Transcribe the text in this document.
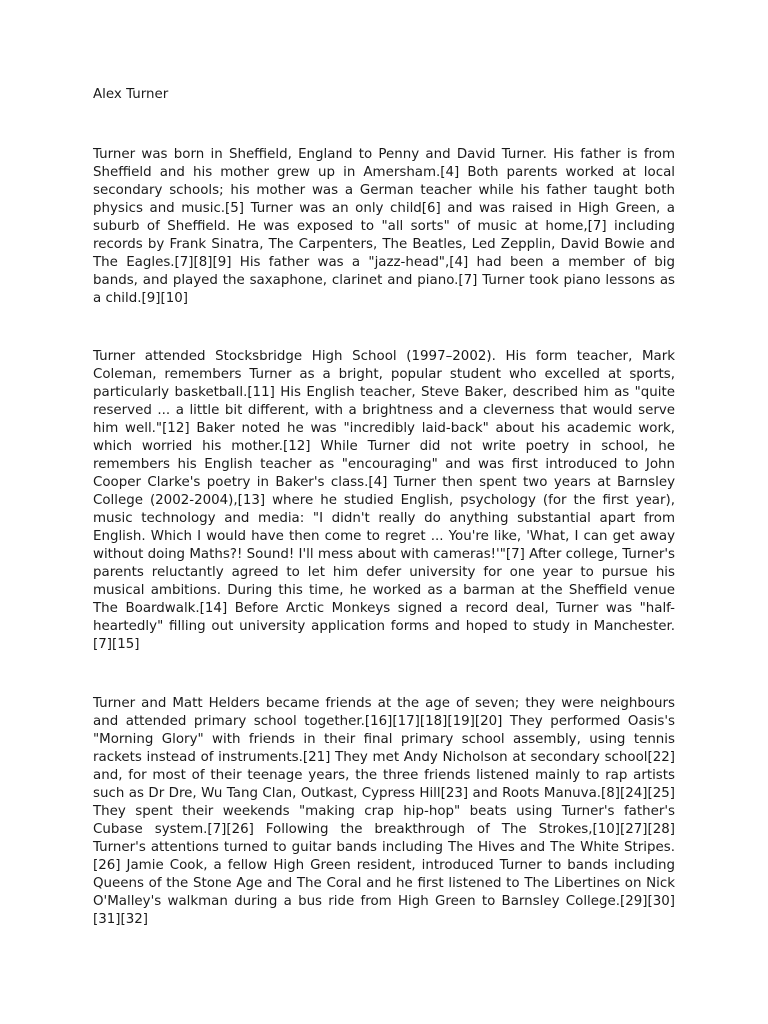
Alex Turner

Turner was born in Sheffield, England to Penny and David Turner. His father is from Sheffield and his mother grew up in Amersham.[4] Both parents worked at local secondary schools; his mother was a German teacher while his father taught both physics and music.[5] Turner was an only child[6] and was raised in High Green, a suburb of Sheffield. He was exposed to "all sorts" of music at home,[7] including records by Frank Sinatra, The Carpenters, The Beatles, Led Zepplin, David Bowie and The Eagles.[7][8][9] His father was a "jazz-head",[4] had been a member of big bands, and played the saxaphone, clarinet and piano.[7] Turner took piano lessons as a child.[9][10]

Turner attended Stocksbridge High School (1997–2002). His form teacher, Mark Coleman, remembers Turner as a bright, popular student who excelled at sports, particularly basketball.[11] His English teacher, Steve Baker, described him as "quite reserved ... a little bit different, with a brightness and a cleverness that would serve him well."[12] Baker noted he was "incredibly laid-back" about his academic work, which worried his mother.[12] While Turner did not write poetry in school, he remembers his English teacher as "encouraging" and was first introduced to John Cooper Clarke's poetry in Baker's class.[4] Turner then spent two years at Barnsley College (2002-2004),[13] where he studied English, psychology (for the first year), music technology and media: "I didn't really do anything substantial apart from English. Which I would have then come to regret ... You're like, 'What, I can get away without doing Maths?! Sound! I'll mess about with cameras!'"[7] After college, Turner's parents reluctantly agreed to let him defer university for one year to pursue his musical ambitions. During this time, he worked as a barman at the Sheffield venue The Boardwalk.[14] Before Arctic Monkeys signed a record deal, Turner was "half-heartedly" filling out university application forms and hoped to study in Manchester.[7][15]

Turner and Matt Helders became friends at the age of seven; they were neighbours and attended primary school together.[16][17][18][19][20] They performed Oasis's "Morning Glory" with friends in their final primary school assembly, using tennis rackets instead of instruments.[21] They met Andy Nicholson at secondary school[22] and, for most of their teenage years, the three friends listened mainly to rap artists such as Dr Dre, Wu Tang Clan, Outkast, Cypress Hill[23] and Roots Manuva.[8][24][25] They spent their weekends "making crap hip-hop" beats using Turner's father's Cubase system.[7][26] Following the breakthrough of The Strokes,[10][27][28] Turner's attentions turned to guitar bands including The Hives and The White Stripes.[26] Jamie Cook, a fellow High Green resident, introduced Turner to bands including Queens of the Stone Age and The Coral and he first listened to The Libertines on Nick O'Malley's walkman during a bus ride from High Green to Barnsley College.[29][30][31][32]
